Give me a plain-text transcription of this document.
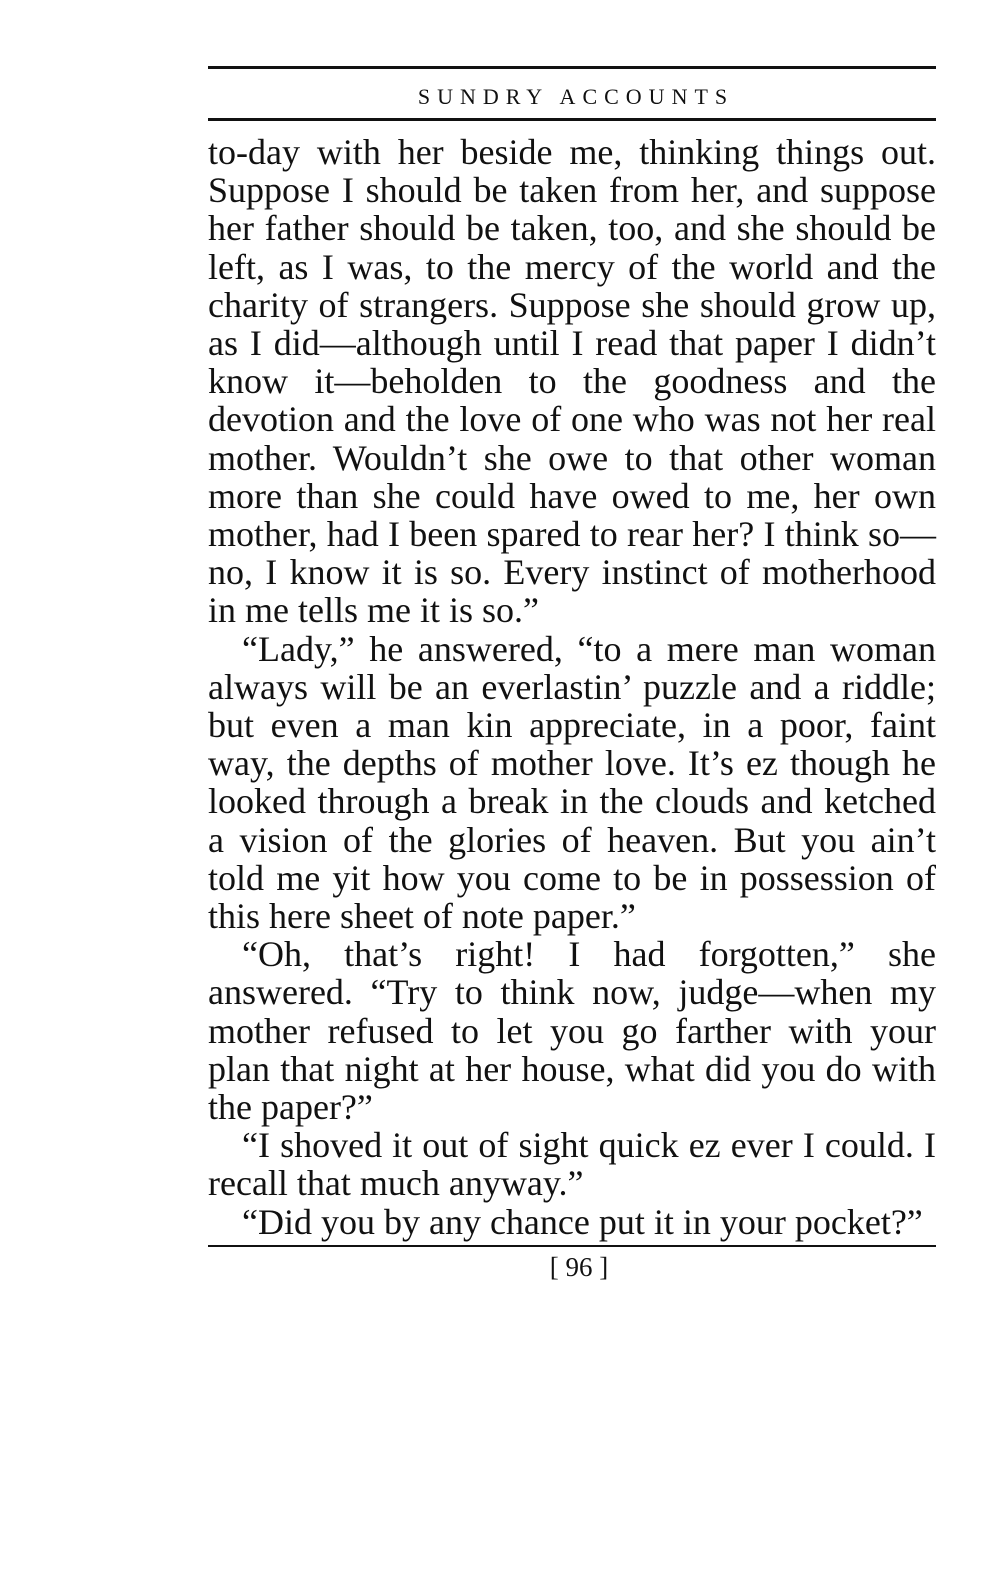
SUNDRY ACCOUNTS

to-day with her beside me, thinking things out. Suppose I should be taken from her, and suppose her father should be taken, too, and she should be left, as I was, to the mercy of the world and the charity of strangers. Suppose she should grow up, as I did—although until I read that paper I didn’t know it—beholden to the goodness and the devotion and the love of one who was not her real mother. Wouldn’t she owe to that other woman more than she could have owed to me, her own mother, had I been spared to rear her? I think so—no, I know it is so. Every instinct of motherhood in me tells me it is so.”

“Lady,” he answered, “to a mere man woman always will be an everlastin’ puzzle and a riddle; but even a man kin appreciate, in a poor, faint way, the depths of mother love. It’s ez though he looked through a break in the clouds and ketched a vision of the glories of heaven. But you ain’t told me yit how you come to be in possession of this here sheet of note paper.”

“Oh, that’s right! I had forgotten,” she answered. “Try to think now, judge—when my mother refused to let you go farther with your plan that night at her house, what did you do with the paper?”

“I shoved it out of sight quick ez ever I could. I recall that much anyway.”

“Did you by any chance put it in your pocket?”

[ 96 ]
